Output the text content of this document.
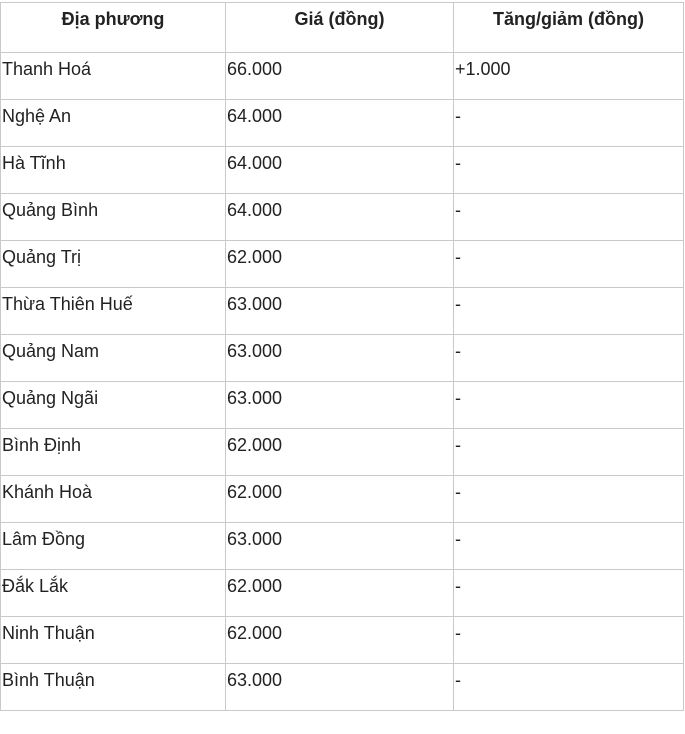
Địa phương	Giá (đồng)	Tăng/giảm (đồng)
Thanh Hoá	66.000	+1.000
Nghệ An	64.000	-
Hà Tĩnh	64.000	-
Quảng Bình	64.000	-
Quảng Trị	62.000	-
Thừa Thiên Huế	63.000	-
Quảng Nam	63.000	-
Quảng Ngãi	63.000	-
Bình Định	62.000	-
Khánh Hoà	62.000	-
Lâm Đồng	63.000	-
Đắk Lắk	62.000	-
Ninh Thuận	62.000	-
Bình Thuận	63.000	-
